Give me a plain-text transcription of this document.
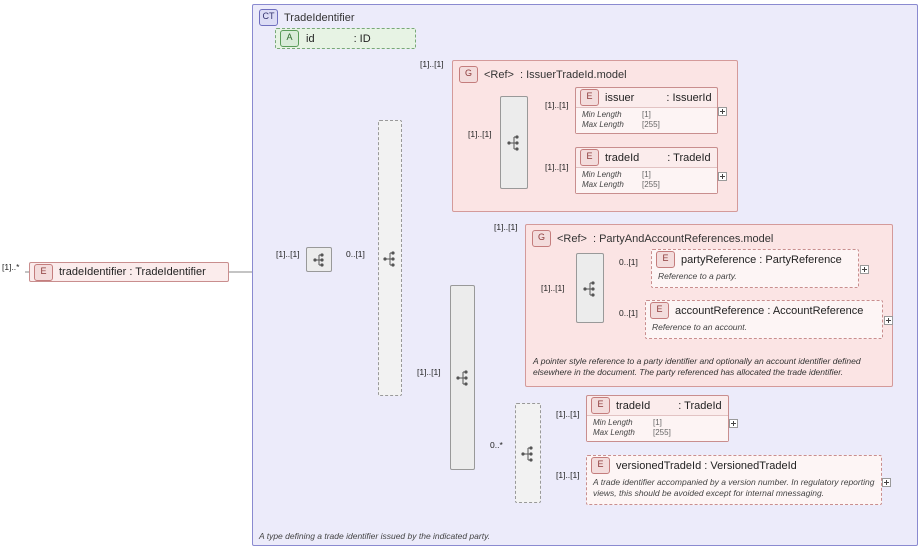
[1]..*	E	tradeIdentifier : TradeIdentifier
CT TradeIdentifier
A type defining a trade identifier issued by the indicated party.
A	id	: ID
[1]..[1]	0..[1]
G	<Ref> : IssuerTradeId.model
[1]..[1]
[1]..[1]
E	issuer	: IssuerId
Min Length	[1]
Max Length	[255]
[1]..[1]
E	tradeId	: TradeId
Min Length	[1]
Max Length	[255]
[1]..[1]
[1]..[1]
G	<Ref> : PartyAndAccountReferences.model
A pointer style reference to a party identifier and optionally an account identifier defined elsewhere in the document. The party referenced has allocated the trade identifier.
[1]..[1]
[1]..[1]
E	partyReference : PartyReference
Reference to a party.
0..[1]
E	accountReference : AccountReference
Reference to an account.
0..[1]
0..*
E	tradeId	: TradeId
Min Length	[1]
Max Length	[255]
[1]..[1]
E	versionedTradeId : VersionedTradeId
A trade identifier accompanied by a version number. In regulatory reporting views, this should be avoided except for internal mnessaging.
[1]..[1]
